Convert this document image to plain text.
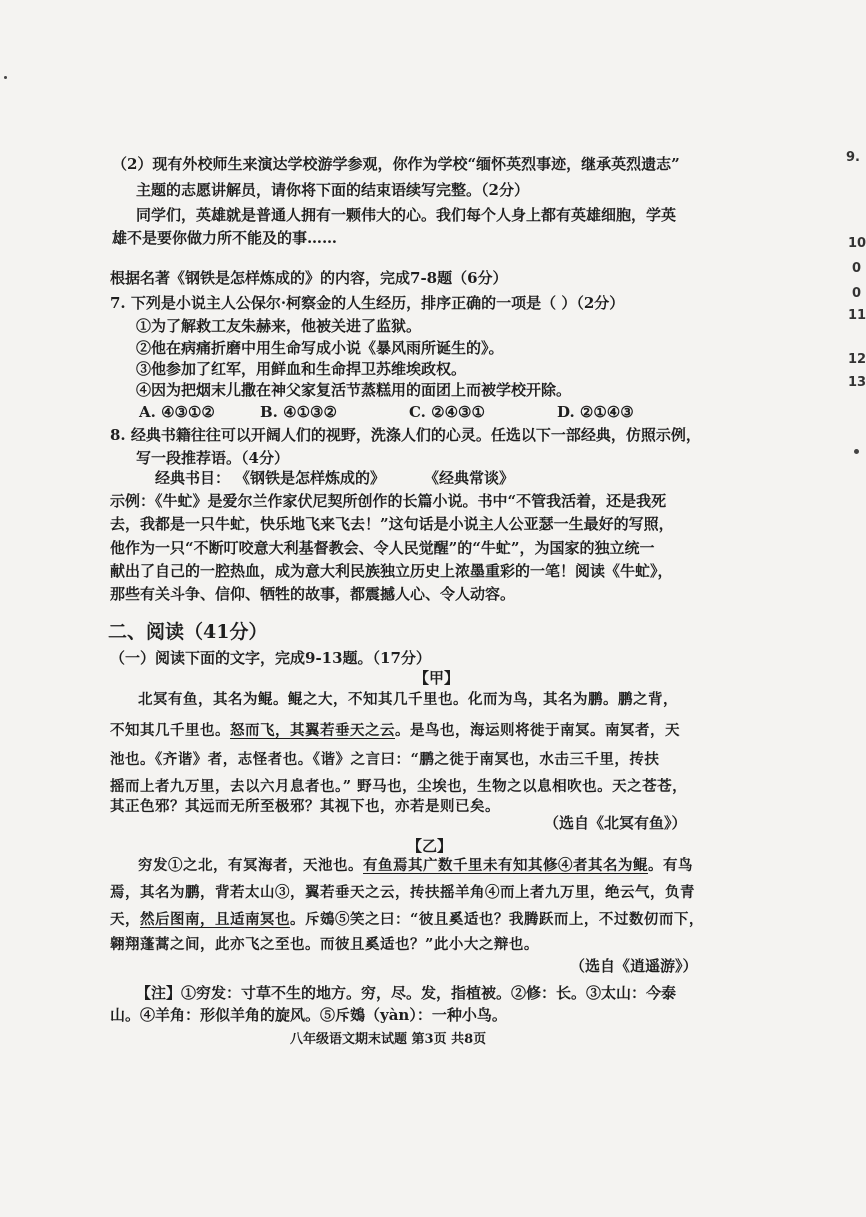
9.
10
0
0
11
12
13
（2）现有外校师生来演达学校游学参观，你作为学校“缅怀英烈事迹，继承英烈遗志”
主题的志愿讲解员，请你将下面的结束语续写完整。（2分）
同学们，英雄就是普通人拥有一颗伟大的心。我们每个人身上都有英雄细胞，学英
雄不是要你做力所不能及的事……
根据名著《钢铁是怎样炼成的》的内容，完成7-8题（6分）
7. 下列是小说主人公保尔·柯察金的人生经历，排序正确的一项是（ ）（2分）
①为了解救工友朱赫来，他被关进了监狱。
②他在病痛折磨中用生命写成小说《暴风雨所诞生的》。
③他参加了红军，用鲜血和生命捍卫苏维埃政权。
④因为把烟末儿撒在神父家复活节蒸糕用的面团上而被学校开除。
A. ④③①②	B. ④①③②	C. ②④③①	D. ②①④③
8. 经典书籍往往可以开阔人们的视野，洗涤人们的心灵。任选以下一部经典，仿照示例，
写一段推荐语。（4分）
经典书目： 《钢铁是怎样炼成的》	《经典常谈》
示例：《牛虻》是爱尔兰作家伏尼契所创作的长篇小说。书中“不管我活着，还是我死
去，我都是一只牛虻，快乐地飞来飞去！”这句话是小说主人公亚瑟一生最好的写照，
他作为一只“不断叮咬意大利基督教会、令人民觉醒”的“牛虻”，为国家的独立统一
献出了自己的一腔热血，成为意大利民族独立历史上浓墨重彩的一笔！阅读《牛虻》，
那些有关斗争、信仰、牺牲的故事，都震撼人心、令人动容。
二、阅读（41分）
（一）阅读下面的文字，完成9-13题。（17分）
【甲】
北冥有鱼，其名为鲲。鲲之大，不知其几千里也。化而为鸟，其名为鹏。鹏之背，
不知其几千里也。怒而飞，其翼若垂天之云。是鸟也，海运则将徙于南冥。南冥者，天
池也。《齐谐》者，志怪者也。《谐》之言曰：“鹏之徙于南冥也，水击三千里，抟扶
摇而上者九万里，去以六月息者也。” 野马也，尘埃也，生物之以息相吹也。天之苍苍，
其正色邪？其远而无所至极邪？其视下也，亦若是则已矣。
（选自《北冥有鱼》）
【乙】
穷发①之北，有冥海者，天池也。有鱼焉其广数千里未有知其修④者其名为鲲。有鸟
焉，其名为鹏，背若太山③，翼若垂天之云，抟扶摇羊角④而上者九万里，绝云气，负青
天，然后图南，且适南冥也。斥鴳⑤笑之曰：“彼且奚适也？我腾跃而上，不过数仞而下，
翱翔蓬蒿之间，此亦飞之至也。而彼且奚适也？”此小大之辩也。
（选自《逍遥游》）
【注】①穷发：寸草不生的地方。穷，尽。发，指植被。②修：长。③太山：今泰
山。④羊角：形似羊角的旋风。⑤斥鴳（yàn）：一种小鸟。
八年级语文期末试题 第3页 共8页
